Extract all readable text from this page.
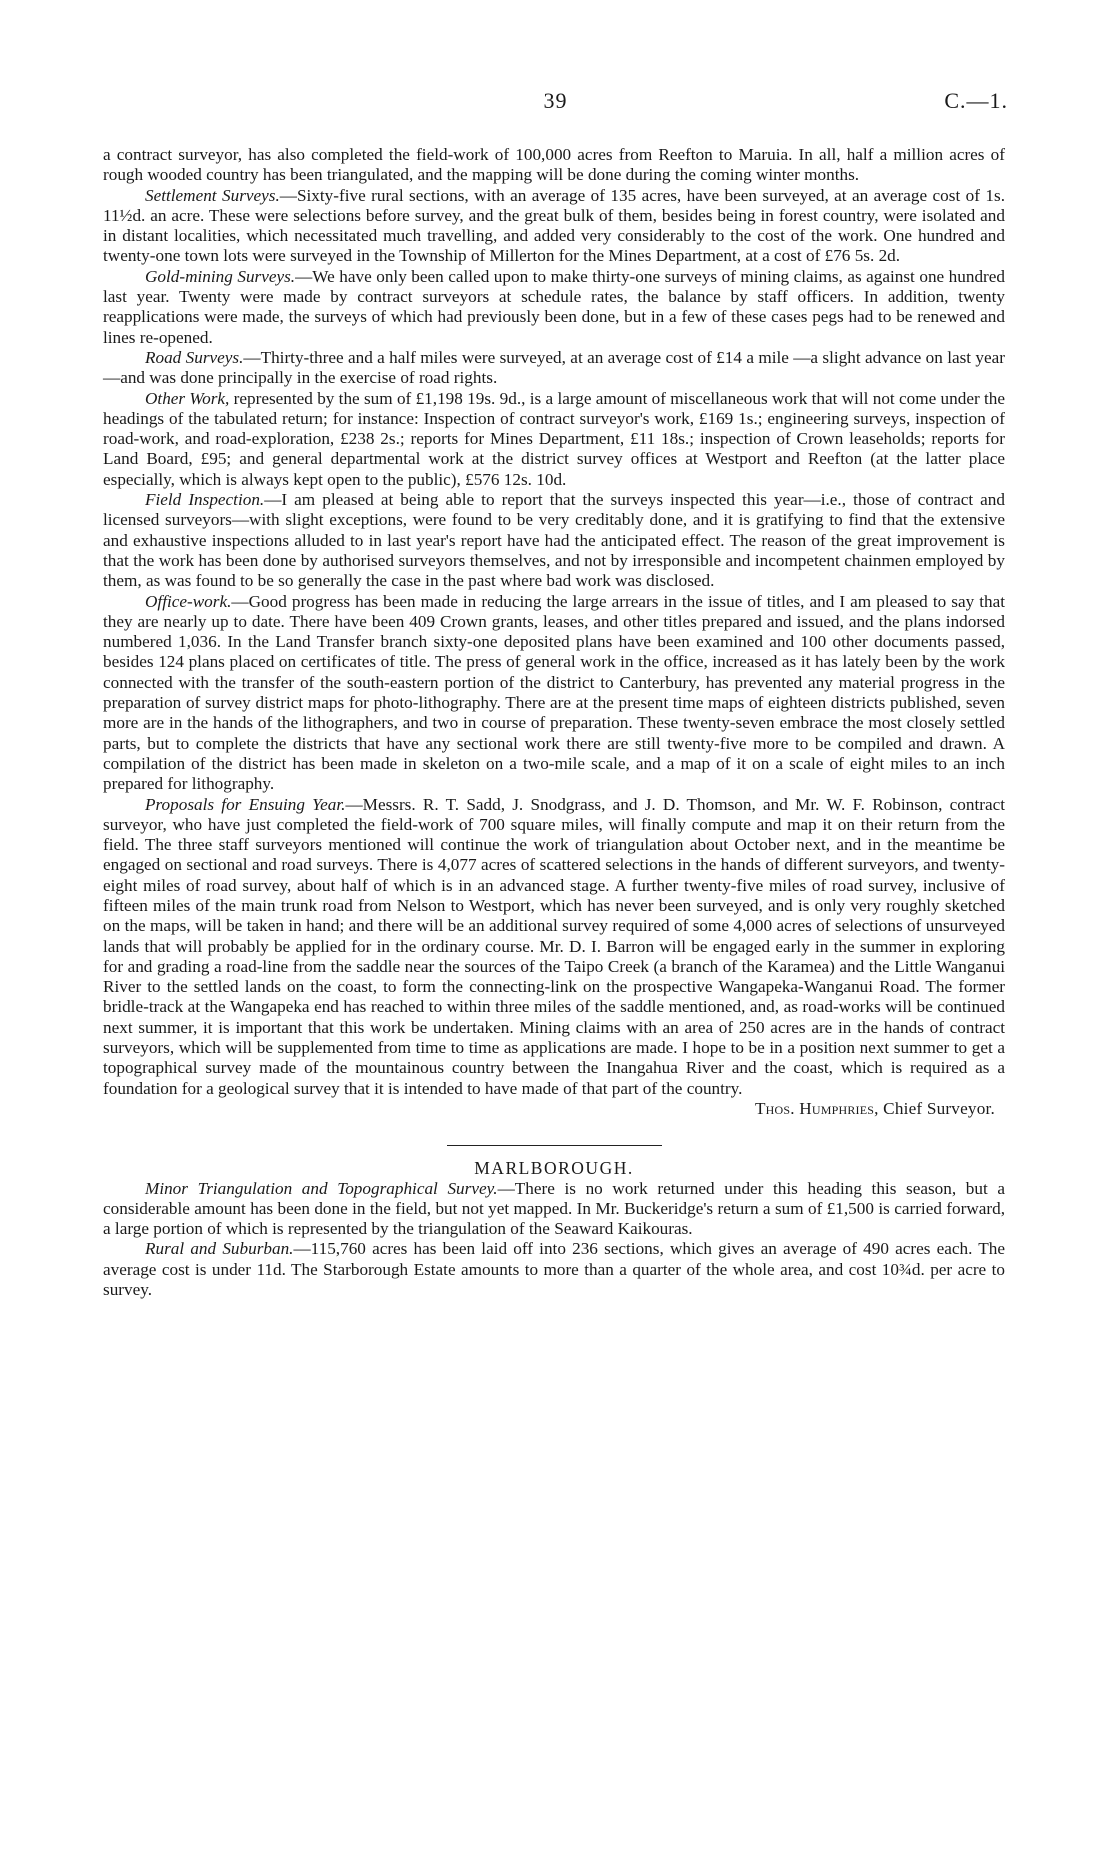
39	C.—1.

a contract surveyor, has also completed the field-work of 100,000 acres from Reefton to Maruia. In all, half a million acres of rough wooded country has been triangulated, and the mapping will be done during the coming winter months.

Settlement Surveys.—Sixty-five rural sections, with an average of 135 acres, have been surveyed, at an average cost of 1s. 11½d. an acre. These were selections before survey, and the great bulk of them, besides being in forest country, were isolated and in distant localities, which necessitated much travelling, and added very considerably to the cost of the work. One hundred and twenty-one town lots were surveyed in the Township of Millerton for the Mines Department, at a cost of £76 5s. 2d.

Gold-mining Surveys.—We have only been called upon to make thirty-one surveys of mining claims, as against one hundred last year. Twenty were made by contract surveyors at schedule rates, the balance by staff officers. In addition, twenty reapplications were made, the surveys of which had previously been done, but in a few of these cases pegs had to be renewed and lines re-opened.

Road Surveys.—Thirty-three and a half miles were surveyed, at an average cost of £14 a mile —a slight advance on last year—and was done principally in the exercise of road rights.

Other Work, represented by the sum of £1,198 19s. 9d., is a large amount of miscellaneous work that will not come under the headings of the tabulated return; for instance: Inspection of contract surveyor's work, £169 1s.; engineering surveys, inspection of road-work, and road-exploration, £238 2s.; reports for Mines Department, £11 18s.; inspection of Crown leaseholds; reports for Land Board, £95; and general departmental work at the district survey offices at Westport and Reefton (at the latter place especially, which is always kept open to the public), £576 12s. 10d.

Field Inspection.—I am pleased at being able to report that the surveys inspected this year—i.e., those of contract and licensed surveyors—with slight exceptions, were found to be very creditably done, and it is gratifying to find that the extensive and exhaustive inspections alluded to in last year's report have had the anticipated effect. The reason of the great improvement is that the work has been done by authorised surveyors themselves, and not by irresponsible and incompetent chainmen employed by them, as was found to be so generally the case in the past where bad work was disclosed.

Office-work.—Good progress has been made in reducing the large arrears in the issue of titles, and I am pleased to say that they are nearly up to date. There have been 409 Crown grants, leases, and other titles prepared and issued, and the plans indorsed numbered 1,036. In the Land Transfer branch sixty-one deposited plans have been examined and 100 other documents passed, besides 124 plans placed on certificates of title. The press of general work in the office, increased as it has lately been by the work connected with the transfer of the south-eastern portion of the district to Canterbury, has prevented any material progress in the preparation of survey district maps for photo-lithography. There are at the present time maps of eighteen districts published, seven more are in the hands of the lithographers, and two in course of preparation. These twenty-seven embrace the most closely settled parts, but to complete the districts that have any sectional work there are still twenty-five more to be compiled and drawn. A compilation of the district has been made in skeleton on a two-mile scale, and a map of it on a scale of eight miles to an inch prepared for lithography.

Proposals for Ensuing Year.—Messrs. R. T. Sadd, J. Snodgrass, and J. D. Thomson, and Mr. W. F. Robinson, contract surveyor, who have just completed the field-work of 700 square miles, will finally compute and map it on their return from the field. The three staff surveyors mentioned will continue the work of triangulation about October next, and in the meantime be engaged on sectional and road surveys. There is 4,077 acres of scattered selections in the hands of different surveyors, and twenty-eight miles of road survey, about half of which is in an advanced stage. A further twenty-five miles of road survey, inclusive of fifteen miles of the main trunk road from Nelson to Westport, which has never been surveyed, and is only very roughly sketched on the maps, will be taken in hand; and there will be an additional survey required of some 4,000 acres of selections of unsurveyed lands that will probably be applied for in the ordinary course. Mr. D. I. Barron will be engaged early in the summer in exploring for and grading a road-line from the saddle near the sources of the Taipo Creek (a branch of the Karamea) and the Little Wanganui River to the settled lands on the coast, to form the connecting-link on the prospective Wangapeka-Wanganui Road. The former bridle-track at the Wangapeka end has reached to within three miles of the saddle mentioned, and, as road-works will be continued next summer, it is important that this work be undertaken. Mining claims with an area of 250 acres are in the hands of contract surveyors, which will be supplemented from time to time as applications are made. I hope to be in a position next summer to get a topographical survey made of the mountainous country between the Inangahua River and the coast, which is required as a foundation for a geological survey that it is intended to have made of that part of the country.

Thos. Humphries, Chief Surveyor.

MARLBOROUGH.

Minor Triangulation and Topographical Survey.—There is no work returned under this heading this season, but a considerable amount has been done in the field, but not yet mapped. In Mr. Buckeridge's return a sum of £1,500 is carried forward, a large portion of which is represented by the triangulation of the Seaward Kaikouras.

Rural and Suburban.—115,760 acres has been laid off into 236 sections, which gives an average of 490 acres each. The average cost is under 11d. The Starborough Estate amounts to more than a quarter of the whole area, and cost 10¾d. per acre to survey.
